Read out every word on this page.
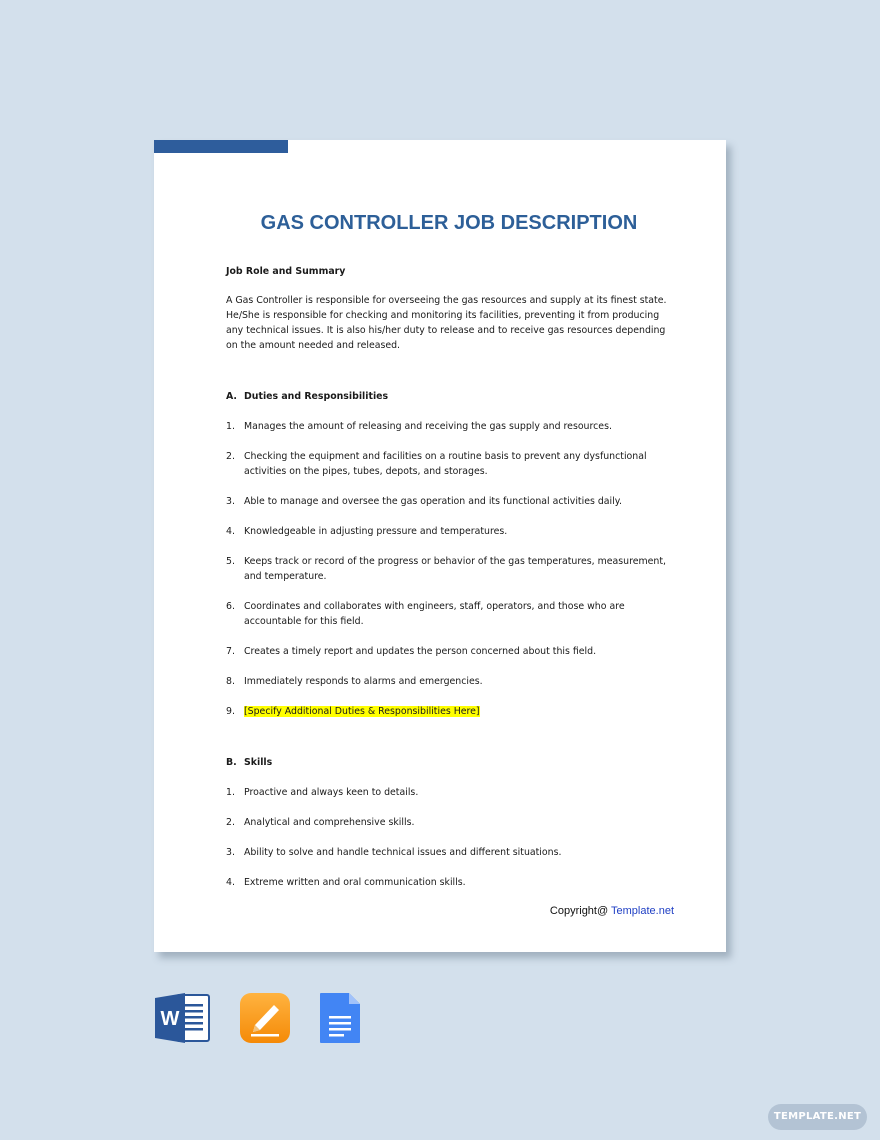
GAS CONTROLLER JOB DESCRIPTION

Job Role and Summary

A Gas Controller is responsible for overseeing the gas resources and supply at its finest state. He/She is responsible for checking and monitoring its facilities, preventing it from producing any technical issues. It is also his/her duty to release and to receive gas resources depending on the amount needed and released.

A. Duties and Responsibilities
1. Manages the amount of releasing and receiving the gas supply and resources.
2. Checking the equipment and facilities on a routine basis to prevent any dysfunctional activities on the pipes, tubes, depots, and storages.
3. Able to manage and oversee the gas operation and its functional activities daily.
4. Knowledgeable in adjusting pressure and temperatures.
5. Keeps track or record of the progress or behavior of the gas temperatures, measurement, and temperature.
6. Coordinates and collaborates with engineers, staff, operators, and those who are accountable for this field.
7. Creates a timely report and updates the person concerned about this field.
8. Immediately responds to alarms and emergencies.
9. [Specify Additional Duties & Responsibilities Here]
B. Skills
1. Proactive and always keen to details.
2. Analytical and comprehensive skills.
3. Ability to solve and handle technical issues and different situations.
4. Extreme written and oral communication skills.
Copyright@ Template.net
W
TEMPLATE.NET
